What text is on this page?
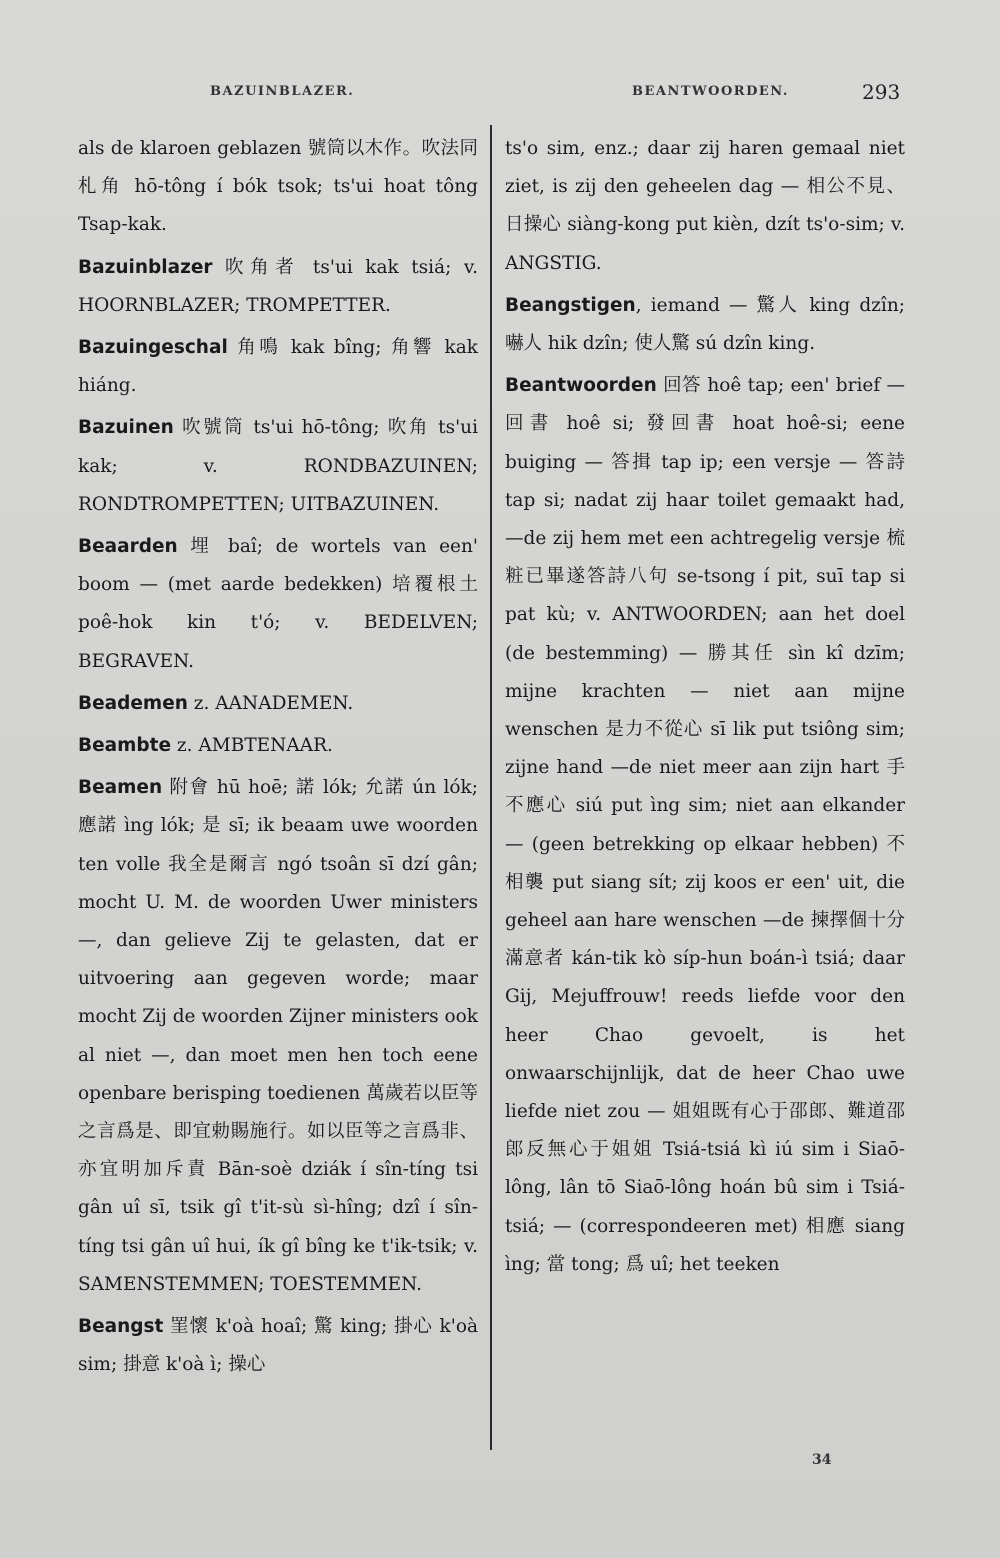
BAZUINBLAZER.	BEANTWOORDEN.	293

als de klaroen geblazen 號筒以木作。吹法同札角 hō-tông í bók tsok; ts'ui hoat tông Tsap-kak.

Bazuinblazer 吹角者 ts'ui kak tsiá; v. HOORNBLAZER; TROMPETTER.

Bazuingeschal 角鳴 kak bîng; 角響 kak hiáng.

Bazuinen 吹號筒 ts'ui hō-tông; 吹角 ts'ui kak; v. RONDBAZUINEN; RONDTROMPETTEN; UITBAZUINEN.

Beaarden 埋 baî; de wortels van een' boom — (met aarde bedekken) 培覆根土 poê-hok kin t'ó; v. BEDELVEN; BEGRAVEN.

Beademen z. AANADEMEN.

Beambte z. AMBTENAAR.

Beamen 附會 hū hoē; 諾 lók; 允諾 ún lók; 應諾 ìng lók; 是 sī; ik beaam uwe woorden ten volle 我全是爾言 ngó tsoân sī dzí gân; mocht U. M. de woorden Uwer ministers —, dan gelieve Zij te gelasten, dat er uitvoering aan gegeven worde; maar mocht Zij de woorden Zijner ministers ook al niet —, dan moet men hen toch eene openbare berisping toedienen 萬歲若以臣等之言爲是、即宜勅賜施行。如以臣等之言爲非、亦宜明加斥責 Bān-soè dziák í sîn-tíng tsi gân uî sī, tsik gî t'it-sù sì-hîng; dzî í sîn-tíng tsi gân uî hui, ík gî bîng ke t'ik-tsik; v. SAMENSTEMMEN; TOESTEMMEN.

Beangst 罣懷 k'oà hoaî; 驚 king; 掛心 k'oà sim; 掛意 k'oà ì; 操心

ts'o sim, enz.; daar zij haren gemaal niet ziet, is zij den geheelen dag — 相公不見、日操心 siàng-kong put kièn, dzít ts'o-sim; v. ANGSTIG.

Beangstigen, iemand — 驚人 king dzîn; 嚇人 hik dzîn; 使人驚 sú dzîn king.

Beantwoorden 回答 hoê tap; een' brief — 回書 hoê si; 發回書 hoat hoê-si; eene buiging — 答揖 tap ip; een versje — 答詩 tap si; nadat zij haar toilet gemaakt had, —de zij hem met een achtregelig versje 梳粧已畢遂答詩八句 se-tsong í pit, suī tap si pat kù; v. ANTWOORDEN; aan het doel (de bestemming) — 勝其任 sìn kî dzīm; mijne krachten — niet aan mijne wenschen 是力不從心 sī lik put tsiông sim; zijne hand —de niet meer aan zijn hart 手不應心 siú put ìng sim; niet aan elkander — (geen betrekking op elkaar hebben) 不相襲 put siang sít; zij koos er een' uit, die geheel aan hare wenschen —de 揀擇個十分滿意者 kán-tik kò síp-hun boán-ì tsiá; daar Gij, Mejuffrouw! reeds liefde voor den heer Chao gevoelt, is het onwaarschijnlijk, dat de heer Chao uwe liefde niet zou — 姐姐既有心于邵郎、難道邵郎反無心于姐姐 Tsiá-tsiá kì iú sim i Siaō-lông, lân tō Siaō-lông hoán bû sim i Tsiá-tsiá; — (correspondeeren met) 相應 siang ìng; 當 tong; 爲 uî; het teeken

34
